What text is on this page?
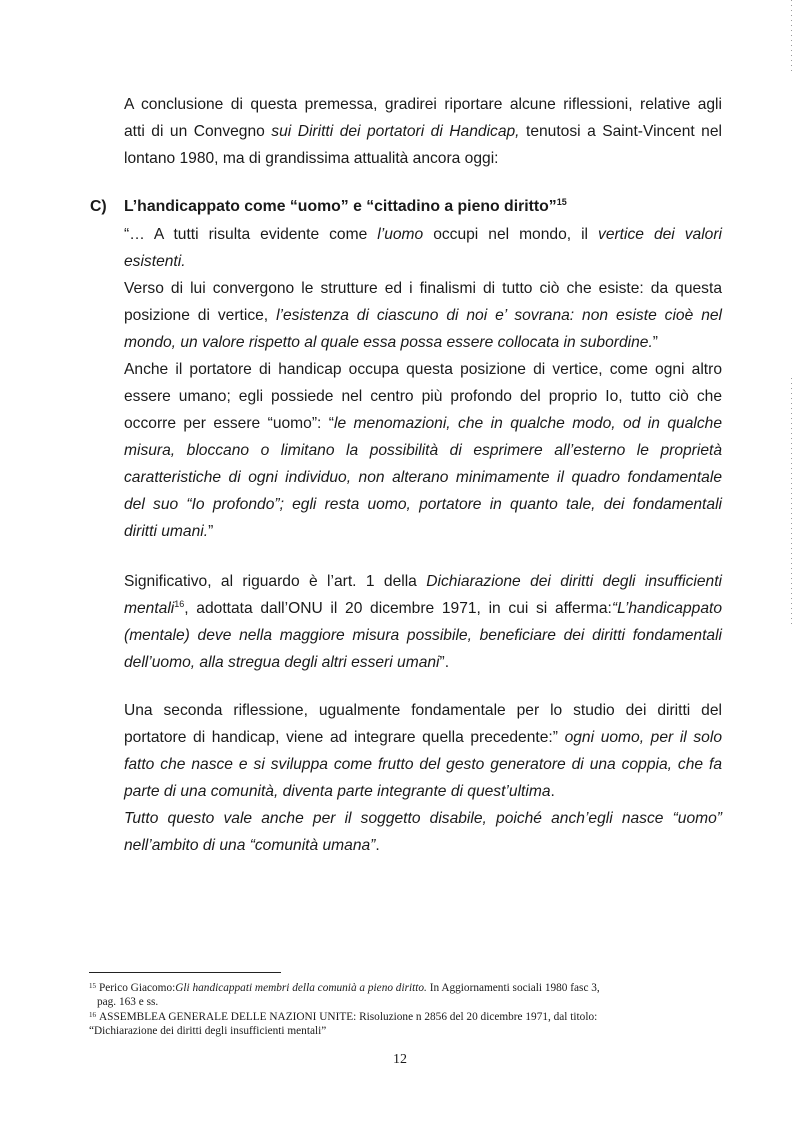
A conclusione di questa premessa, gradirei riportare alcune riflessioni, relative agli

atti di un Convegno sui Diritti dei portatori di Handicap, tenutosi a Saint-Vincent nel

lontano 1980, ma di grandissima attualità ancora oggi:

C) L’handicappato come “uomo” e “cittadino a pieno diritto”$^{15}$

“… A tutti risulta evidente come l’uomo occupi nel mondo, il vertice dei valori

esistenti.

Verso di lui convergono le strutture ed i finalismi di tutto ciò che esiste: da questa

posizione di vertice, l’esistenza di ciascuno di noi e’ sovrana: non esiste cioè nel

mondo, un valore rispetto al quale essa possa essere collocata in subordine.”

Anche il portatore di handicap occupa questa posizione di vertice, come ogni altro

essere umano; egli possiede nel centro più profondo del proprio Io, tutto ciò che

occorre per essere “uomo”: “le menomazioni, che in qualche modo, od in qualche

misura, bloccano o limitano la possibilità di esprimere all’esterno le proprietà

caratteristiche di ogni individuo, non alterano minimamente il quadro fondamentale

del suo “Io profondo”; egli resta uomo, portatore in quanto tale, dei fondamentali

diritti umani.”

Significativo, al riguardo è l’art. 1 della Dichiarazione dei diritti degli insufficienti

mentali$^{16}$, adottata dall’ONU il 20 dicembre 1971, in cui si afferma:“L’handicappato

(mentale) deve nella maggiore misura possibile, beneficiare dei diritti fondamentali

dell’uomo, alla stregua degli altri esseri umani”.

Una seconda riflessione, ugualmente fondamentale per lo studio dei diritti del

portatore di handicap, viene ad integrare quella precedente:” ogni uomo, per il solo

fatto che nasce e si sviluppa come frutto del gesto generatore di una coppia, che fa

parte di una comunità, diventa parte integrante di quest’ultima.

Tutto questo vale anche per il soggetto disabile, poiché anch’egli nasce “uomo”

nell’ambito di una “comunità umana”.

$^{15}$ Perico Giacomo:Gli handicappati membri della comunià a pieno diritto. In Aggiornamenti sociali 1980 fasc 3,

pag. 163 e ss.

$^{16}$ ASSEMBLEA GENERALE DELLE NAZIONI UNITE: Risoluzione n 2856 del 20 dicembre 1971, dal titolo:

“Dichiarazione dei diritti degli insufficienti mentali”

12
